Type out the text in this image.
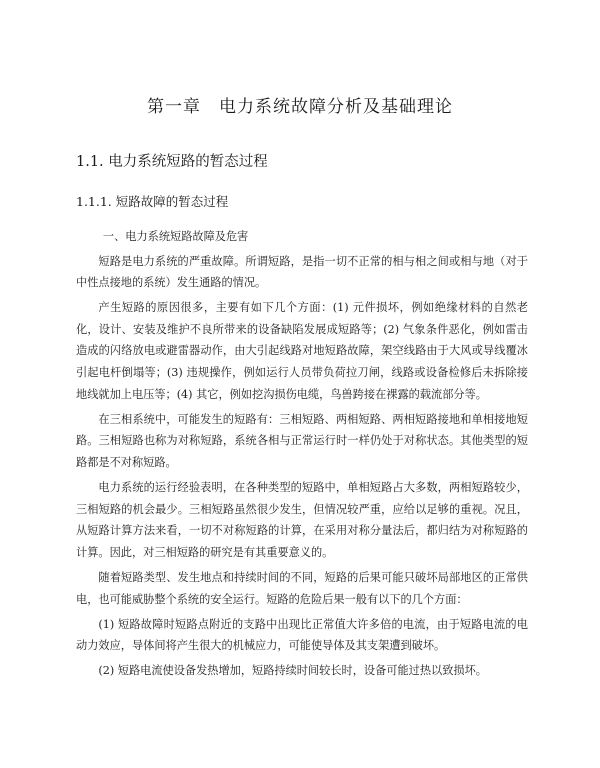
第一章　电力系统故障分析及基础理论
1.1. 电力系统短路的暂态过程
1.1.1. 短路故障的暂态过程

一、电力系统短路故障及危害

短路是电力系统的严重故障。所谓短路，是指一切不正常的相与相之间或相与地（对于中性点接地的系统）发生通路的情况。

产生短路的原因很多，主要有如下几个方面：(1) 元件损坏，例如绝缘材料的自然老化，设计、安装及维护不良所带来的设备缺陷发展成短路等；(2) 气象条件恶化，例如雷击造成的闪络放电或避雷器动作，由大引起线路对地短路故障，架空线路由于大风或导线覆冰引起电杆倒塌等；(3) 违规操作，例如运行人员带负荷拉刀闸，线路或设备检修后未拆除接地线就加上电压等；(4) 其它，例如挖沟损伤电缆，鸟兽跨接在裸露的载流部分等。

在三相系统中，可能发生的短路有：三相短路、两相短路、两相短路接地和单相接地短路。三相短路也称为对称短路，系统各相与正常运行时一样仍处于对称状态。其他类型的短路都是不对称短路。

电力系统的运行经验表明，在各种类型的短路中，单相短路占大多数，两相短路较少，三相短路的机会最少。三相短路虽然很少发生，但情况较严重，应给以足够的重视。况且，从短路计算方法来看，一切不对称短路的计算，在采用对称分量法后，都归结为对称短路的计算。因此，对三相短路的研究是有其重要意义的。

随着短路类型、发生地点和持续时间的不同，短路的后果可能只破坏局部地区的正常供电，也可能威胁整个系统的安全运行。短路的危险后果一般有以下的几个方面：

(1) 短路故障时短路点附近的支路中出现比正常值大许多倍的电流，由于短路电流的电动力效应，导体间将产生很大的机械应力，可能使导体及其支架遭到破坏。

(2) 短路电流使设备发热增加，短路持续时间较长时，设备可能过热以致损坏。
